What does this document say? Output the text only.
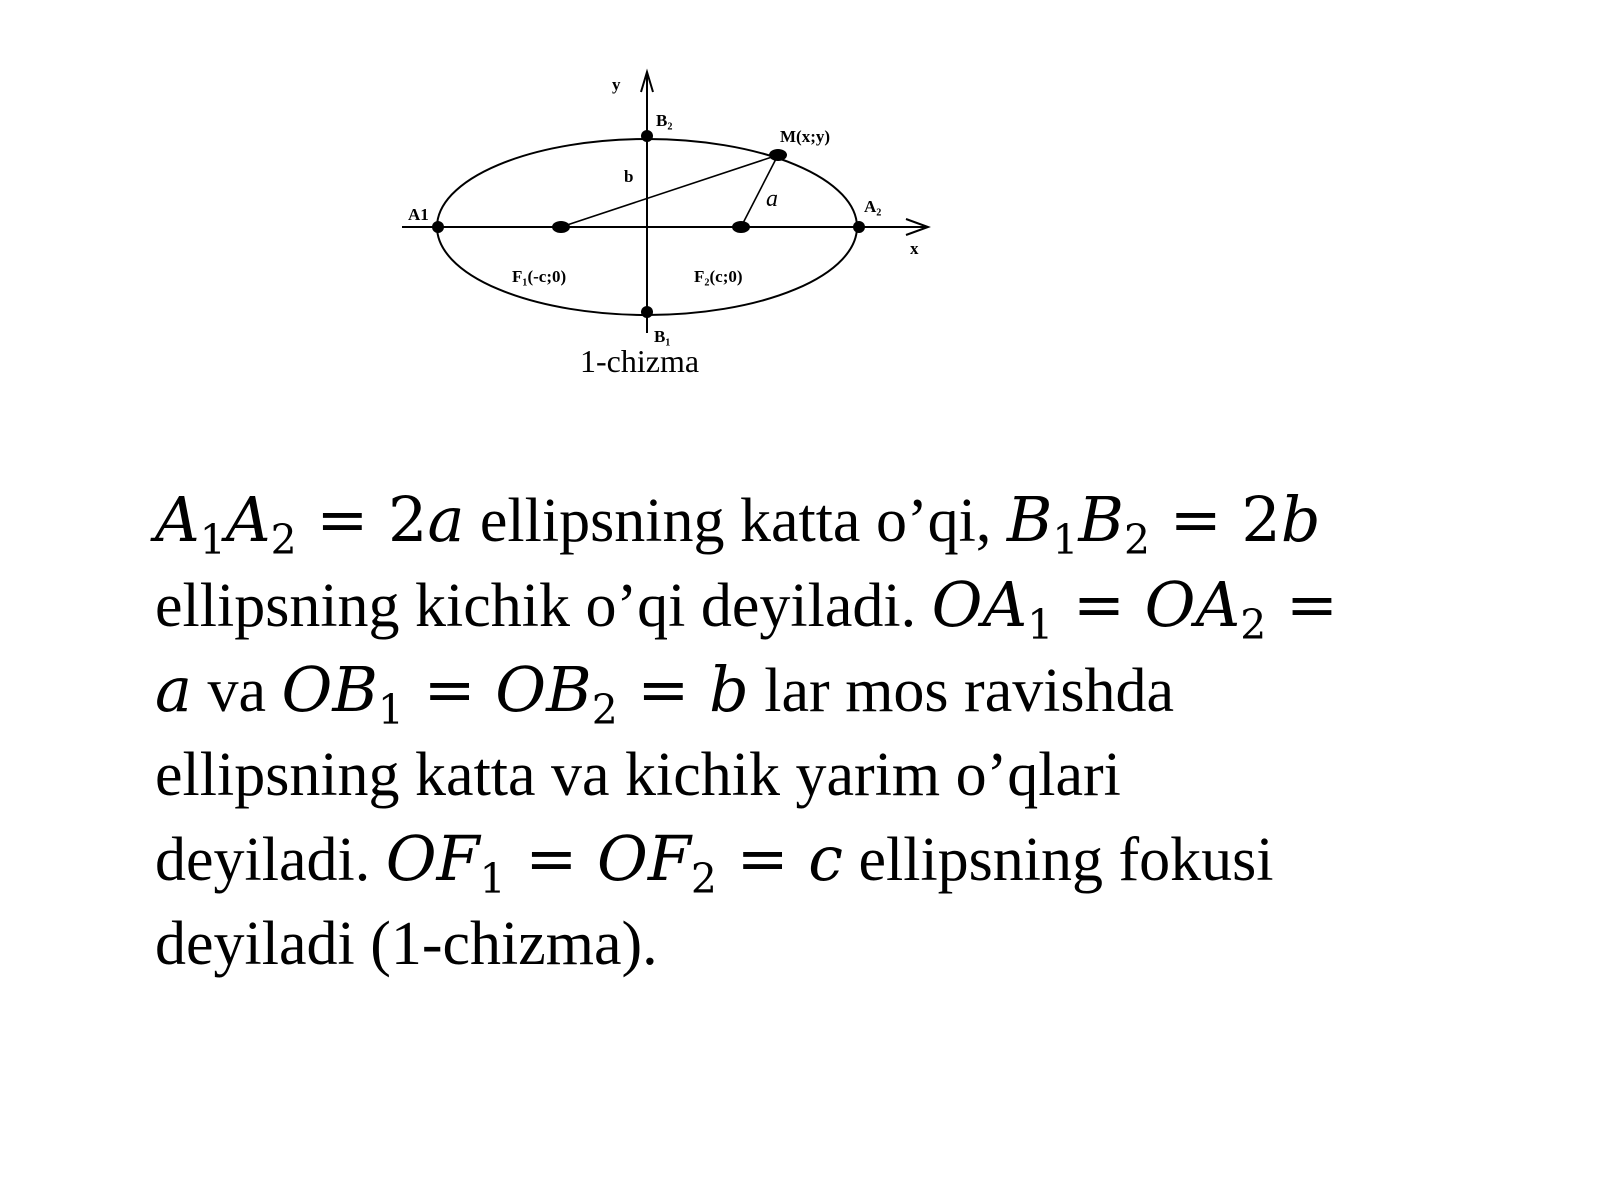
y
x
B₂
M(x;y)
b
a
A1	A₂
F₁(-c;0)	F₂(c;0)
B₁
1-chizma
$A_1A_2 = 2a$ ellipsning katta o’qi, $B_1B_2 = 2b$
ellipsning kichik o’qi deyiladi. $OA_1 = OA_2$ =
a va $OB_1 = OB_2 = b$ lar mos ravishda
ellipsning katta va kichik yarim o’qlari
deyiladi. $OF_1 = OF_2 = c$ ellipsning fokusi
deyiladi (1-chizma).
